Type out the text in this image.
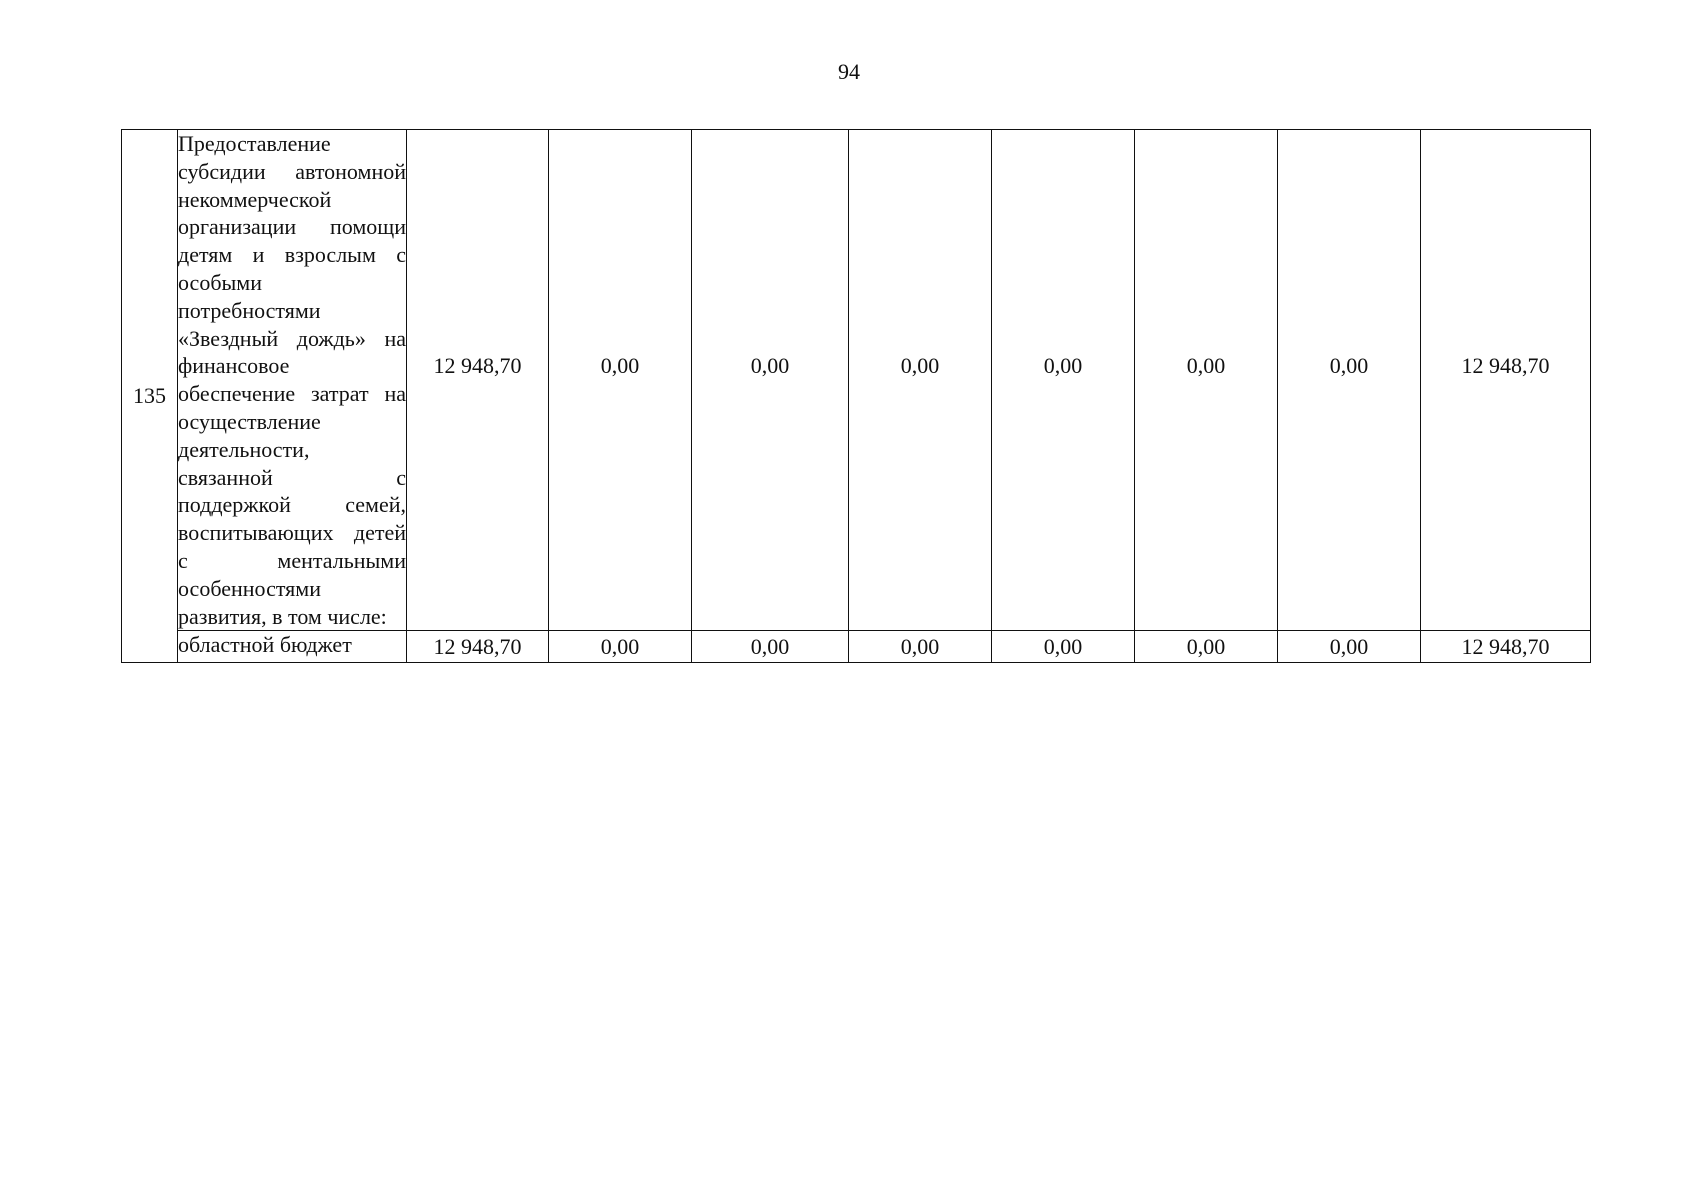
94
135	Предоставление субсидии автономной некоммерческой организации помощи детям и взрослым с особыми потребностями «Звездный дождь» на финансовое обеспечение затрат на осуществление деятельности, связанной с поддержкой семей, воспитывающих детей с ментальными особенностями развития, в том числе:	12 948,70	0,00	0,00	0,00	0,00	0,00	0,00	12 948,70
	областной бюджет	12 948,70	0,00	0,00	0,00	0,00	0,00	0,00	12 948,70
